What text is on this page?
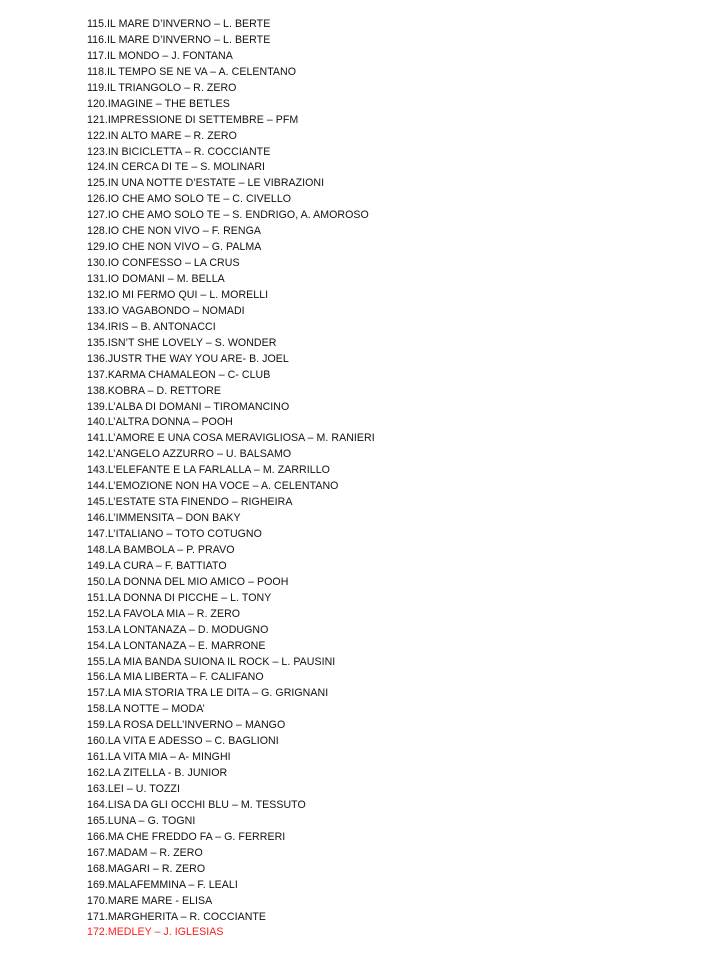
115.IL MARE D’INVERNO – L. BERTE
116.IL MARE D’INVERNO – L. BERTE
117.IL MONDO – J. FONTANA
118.IL TEMPO SE NE VA – A. CELENTANO
119.IL TRIANGOLO – R. ZERO
120.IMAGINE – THE BETLES
121.IMPRESSIONE DI SETTEMBRE – PFM
122.IN ALTO MARE – R. ZERO
123.IN BICICLETTA – R. COCCIANTE
124.IN CERCA DI TE – S. MOLINARI
125.IN UNA NOTTE D’ESTATE – LE VIBRAZIONI
126.IO CHE AMO SOLO TE – C. CIVELLO
127.IO CHE AMO SOLO TE – S. ENDRIGO, A. AMOROSO
128.IO CHE NON VIVO – F. RENGA
129.IO CHE NON VIVO – G. PALMA
130.IO CONFESSO – LA CRUS
131.IO DOMANI – M. BELLA
132.IO MI FERMO QUI – L. MORELLI
133.IO VAGABONDO – NOMADI
134.IRIS – B. ANTONACCI
135.ISN’T SHE LOVELY – S. WONDER
136.JUSTR THE WAY YOU ARE- B. JOEL
137.KARMA CHAMALEON – C- CLUB
138.KOBRA – D. RETTORE
139.L’ALBA DI DOMANI – TIROMANCINO
140.L’ALTRA DONNA – POOH
141.L’AMORE E UNA COSA MERAVIGLIOSA – M. RANIERI
142.L’ANGELO AZZURRO – U. BALSAMO
143.L’ELEFANTE E LA FARLALLA – M. ZARRILLO
144.L’EMOZIONE NON HA VOCE – A. CELENTANO
145.L’ESTATE STA FINENDO – RIGHEIRA
146.L’IMMENSITA – DON BAKY
147.L’ITALIANO – TOTO COTUGNO
148.LA BAMBOLA – P. PRAVO
149.LA CURA – F. BATTIATO
150.LA DONNA DEL MIO AMICO – POOH
151.LA DONNA DI PICCHE – L. TONY
152.LA FAVOLA MIA – R. ZERO
153.LA LONTANAZA – D. MODUGNO
154.LA LONTANAZA – E. MARRONE
155.LA MIA BANDA SUIONA IL ROCK – L. PAUSINI
156.LA MIA LIBERTA – F. CALIFANO
157.LA MIA STORIA TRA LE DITA – G. GRIGNANI
158.LA NOTTE – MODA’
159.LA ROSA DELL’INVERNO – MANGO
160.LA VITA E ADESSO – C. BAGLIONI
161.LA VITA MIA – A- MINGHI
162.LA ZITELLA - B. JUNIOR
163.LEI – U. TOZZI
164.LISA DA GLI OCCHI BLU – M. TESSUTO
165.LUNA – G. TOGNI
166.MA CHE FREDDO FA – G. FERRERI
167.MADAM – R. ZERO
168.MAGARI – R. ZERO
169.MALAFEMMINA – F. LEALI
170.MARE MARE - ELISA
171.MARGHERITA – R. COCCIANTE
172.MEDLEY – J. IGLESIAS
